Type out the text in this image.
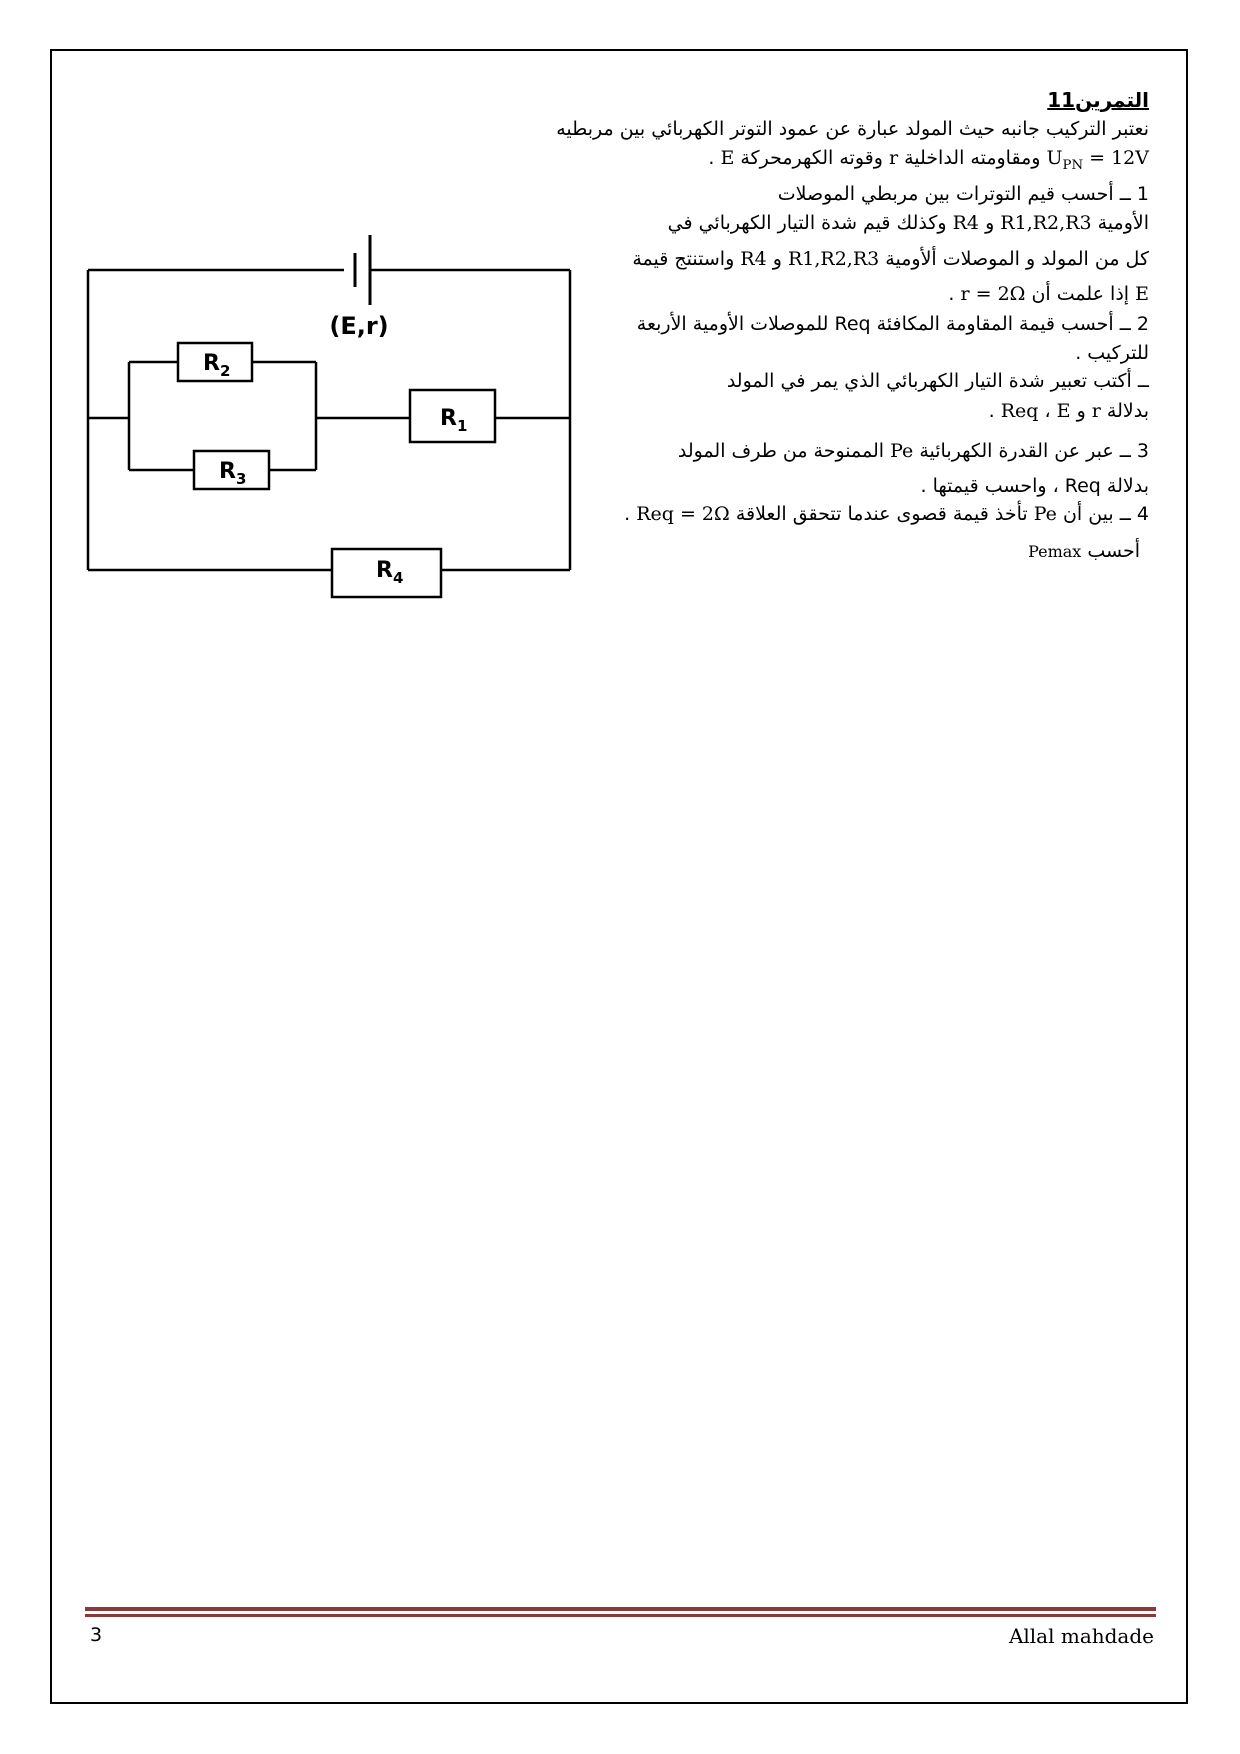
التمرين11
نعتبر التركيب جانبه حيث المولد عبارة عن عمود التوتر الكهربائي بين مربطيه
$U_{PN} = 12V$ ومقاومته الداخلية r وقوته الكهرمحركة E .
1 ــ أحسب قيم التوترات بين مربطي الموصلات
الأومية R1,R2,R3 و R4 وكذلك قيم شدة التيار الكهربائي في
كل من المولد و الموصلات ألأومية R1,R2,R3 و R4 واستنتج قيمة
E إذا علمت أن r = 2Ω .
2 ــ أحسب قيمة المقاومة المكافئة Req للموصلات الأومية الأربعة
للتركيب .
ــ أكتب تعبير شدة التيار الكهربائي الذي يمر في المولد
بدلالة Req ، E و r .
3 ــ عبر عن القدرة الكهربائية Pe الممنوحة من طرف المولد
بدلالة Req ، واحسب قيمتها .
4 ــ بين أن Pe تأخذ قيمة قصوى عندما تتحقق العلاقة Req = 2Ω .
أحسب Pemax
(E,r)
$R_2$
$R_3$
$R_1$
$R_4$
3	Allal mahdade
